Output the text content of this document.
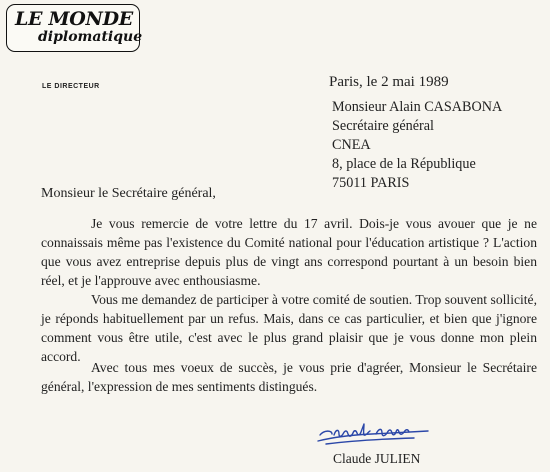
LE MONDE
diplomatique
LE DIRECTEUR	Paris, le 2 mai 1989
Monsieur Alain CASABONA
Secrétaire général
CNEA
8, place de la République
75011 PARIS
Monsieur le Secrétaire général,
Je vous remercie de votre lettre du 17 avril. Dois-je vous avouer que je ne connaissais même pas l'existence du Comité national pour l'éducation artistique ? L'action que vous avez entreprise depuis plus de vingt ans correspond pourtant à un besoin bien réel, et je l'approuve avec enthousiasme.
Vous me demandez de participer à votre comité de soutien. Trop souvent sollicité, je réponds habituellement par un refus. Mais, dans ce cas particulier, et bien que j'ignore comment vous être utile, c'est avec le plus grand plaisir que je vous donne mon plein accord.
Avec tous mes voeux de succès, je vous prie d'agréer, Monsieur le Secrétaire général, l'expression de mes sentiments distingués.
Claude JULIEN
